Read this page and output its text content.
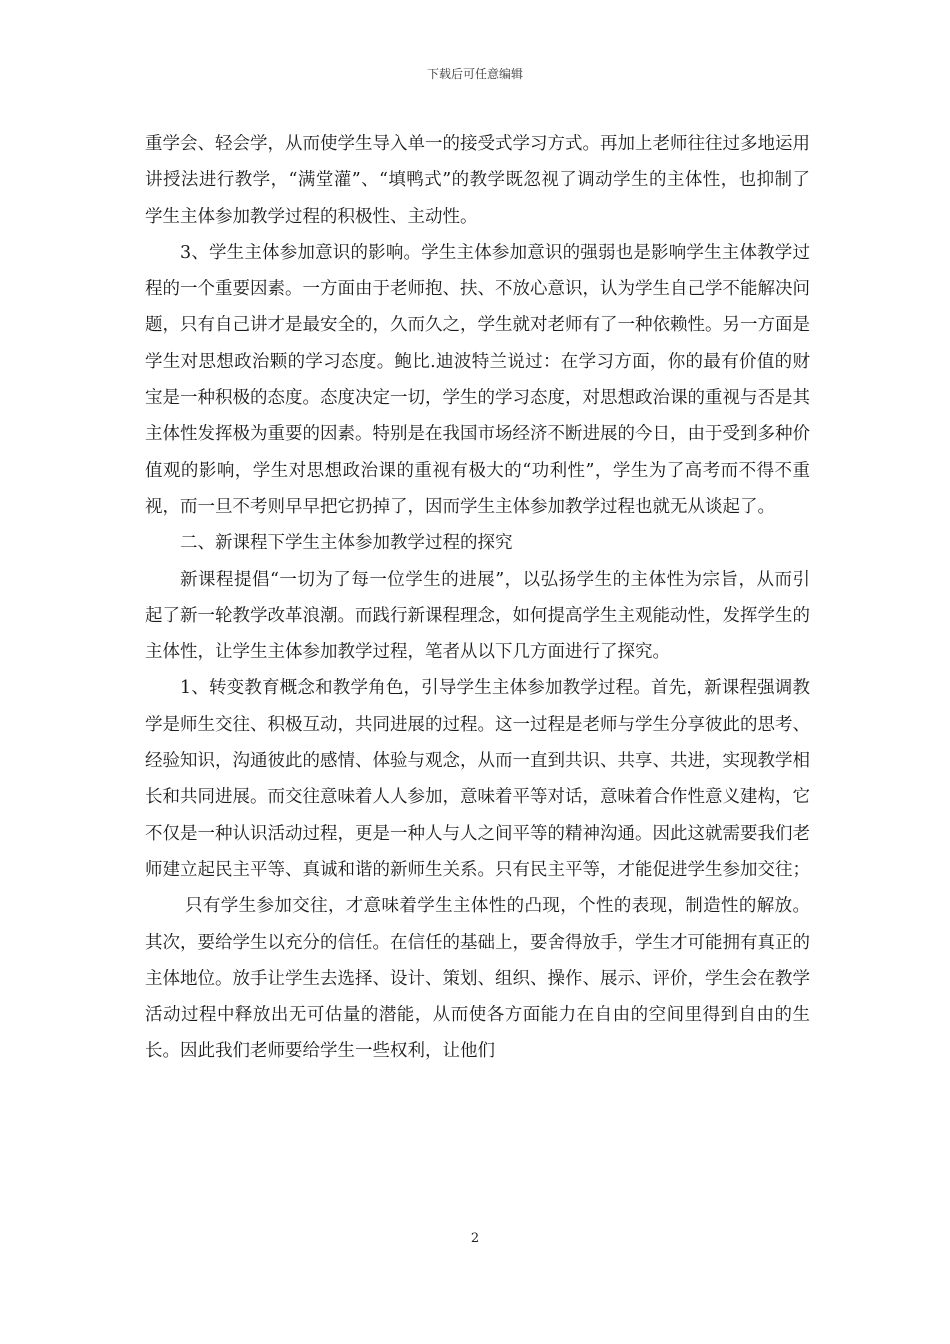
下载后可任意编辑

重学会、轻会学，从而使学生导入单一的接受式学习方式。再加上老师往往过多地运用讲授法进行教学，“满堂灌”、“填鸭式”的教学既忽视了调动学生的主体性，也抑制了学生主体参加教学过程的积极性、主动性。

3、学生主体参加意识的影响。学生主体参加意识的强弱也是影响学生主体教学过程的一个重要因素。一方面由于老师抱、扶、不放心意识，认为学生自己学不能解决问题，只有自己讲才是最安全的，久而久之，学生就对老师有了一种依赖性。另一方面是学生对思想政治颗的学习态度。鲍比.迪波特兰说过：在学习方面，你的最有价值的财宝是一种积极的态度。态度决定一切，学生的学习态度，对思想政治课的重视与否是其主体性发挥极为重要的因素。特别是在我国市场经济不断进展的今日，由于受到多种价值观的影响，学生对思想政治课的重视有极大的“功利性”，学生为了高考而不得不重视，而一旦不考则早早把它扔掉了，因而学生主体参加教学过程也就无从谈起了。

二、新课程下学生主体参加教学过程的探究

新课程提倡“一切为了每一位学生的进展”，以弘扬学生的主体性为宗旨，从而引起了新一轮教学改革浪潮。而践行新课程理念，如何提高学生主观能动性，发挥学生的主体性，让学生主体参加教学过程，笔者从以下几方面进行了探究。

1、转变教育概念和教学角色，引导学生主体参加教学过程。首先，新课程强调教学是师生交往、积极互动，共同进展的过程。这一过程是老师与学生分享彼此的思考、经验知识，沟通彼此的感情、体验与观念，从而一直到共识、共享、共进，实现教学相长和共同进展。而交往意味着人人参加，意味着平等对话，意味着合作性意义建构，它不仅是一种认识活动过程，更是一种人与人之间平等的精神沟通。因此这就需要我们老师建立起民主平等、真诚和谐的新师生关系。只有民主平等，才能促进学生参加交往；

只有学生参加交往，才意味着学生主体性的凸现，个性的表现，制造性的解放。其次，要给学生以充分的信任。在信任的基础上，要舍得放手，学生才可能拥有真正的主体地位。放手让学生去选择、设计、策划、组织、操作、展示、评价，学生会在教学活动过程中释放出无可估量的潜能，从而使各方面能力在自由的空间里得到自由的生长。因此我们老师要给学生一些权利，让他们

2
